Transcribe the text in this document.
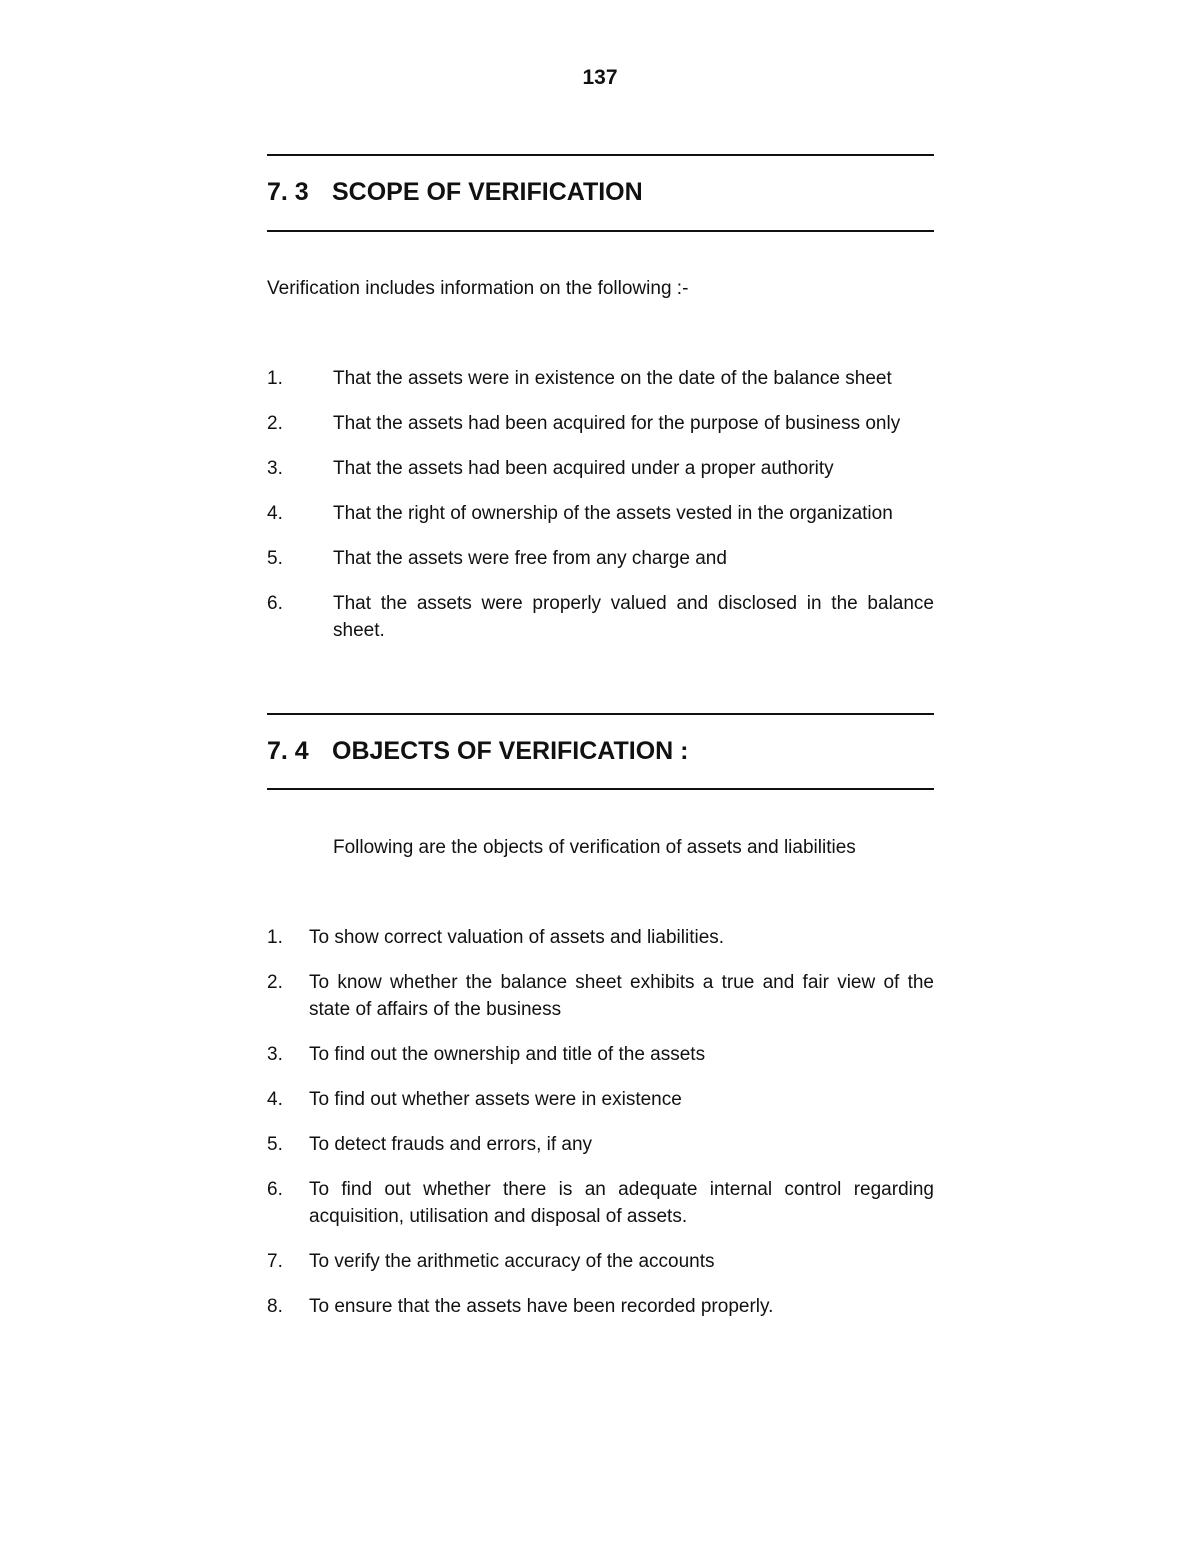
137
7. 3 SCOPE OF VERIFICATION
Verification includes information on the following :-
1.	That the assets were in existence on the date of the balance sheet
2.	That the assets had been acquired for the purpose of business only
3.	That the assets had been acquired under a proper authority
4.	That the right of ownership of the assets vested in the organization
5.	That the assets were free from any charge and
6.	That the assets were properly valued and disclosed in the balance sheet.
7. 4 OBJECTS OF VERIFICATION :
Following are the objects of verification of assets and liabilities
1.	To show correct valuation of assets and liabilities.
2.	To know whether the balance sheet exhibits a true and fair view of the state of affairs of the business
3.	To find out the ownership and title of the assets
4.	To find out whether assets were in existence
5.	To detect frauds and errors, if any
6.	To find out whether there is an adequate internal control regarding acquisition, utilisation and disposal of assets.
7.	To verify the arithmetic accuracy of the accounts
8.	To ensure that the assets have been recorded properly.
